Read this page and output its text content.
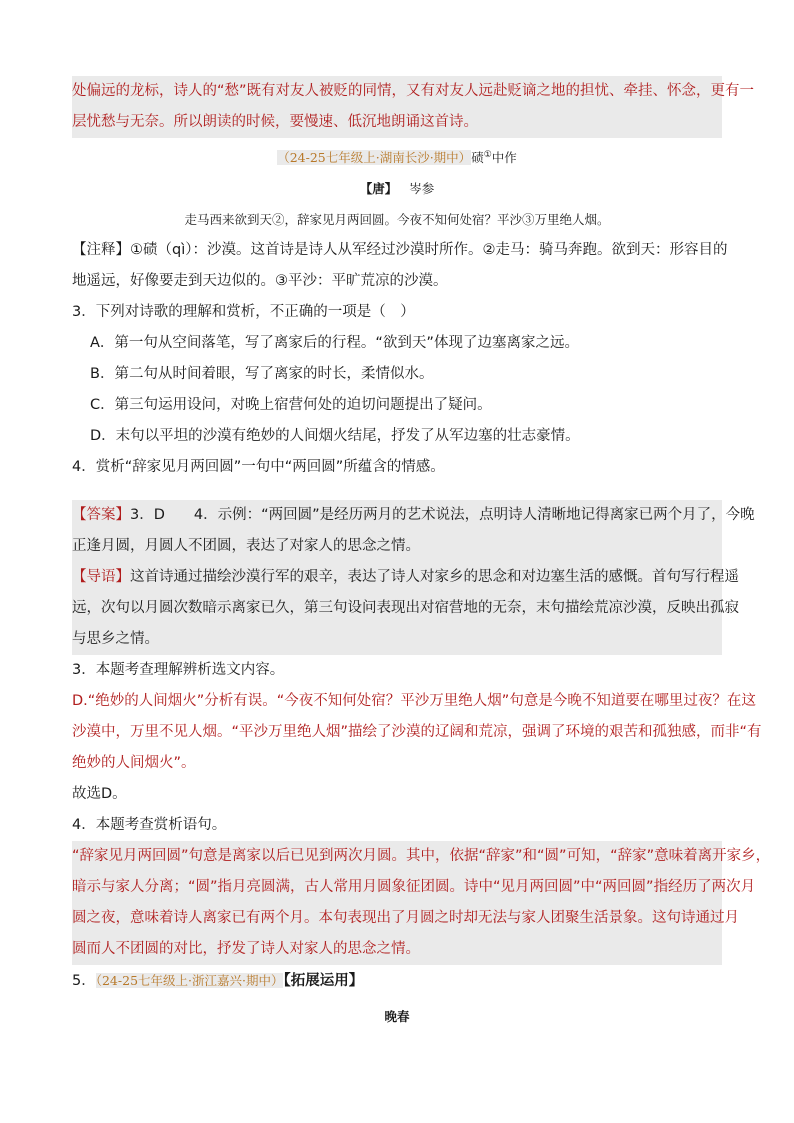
处偏远的龙标，诗人的“愁”既有对友人被贬的同情，又有对友人远赴贬谪之地的担忧、牵挂、怀念，更有一
层忧愁与无奈。所以朗读的时候，要慢速、低沉地朗诵这首诗。
（24-25七年级上·湖南长沙·期中）碛①中作
【唐】 岑参
走马西来欲到天②，辞家见月两回圆。今夜不知何处宿？平沙③万里绝人烟。
【注释】①碛（qì）：沙漠。这首诗是诗人从军经过沙漠时所作。②走马：骑马奔跑。欲到天：形容目的
地遥远，好像要走到天边似的。③平沙：平旷荒凉的沙漠。
3．下列对诗歌的理解和赏析，不正确的一项是（　）
A．第一句从空间落笔，写了离家后的行程。“欲到天”体现了边塞离家之远。
B．第二句从时间着眼，写了离家的时长，柔情似水。
C．第三句运用设问，对晚上宿营何处的迫切问题提出了疑问。
D．末句以平坦的沙漠有绝妙的人间烟火结尾，抒发了从军边塞的壮志豪情。
4．赏析“辞家见月两回圆”一句中“两回圆”所蕴含的情感。
【答案】3．D　　4．示例：“两回圆”是经历两月的艺术说法，点明诗人清晰地记得离家已两个月了，今晚
正逢月圆，月圆人不团圆，表达了对家人的思念之情。
【导语】这首诗通过描绘沙漠行军的艰辛，表达了诗人对家乡的思念和对边塞生活的感慨。首句写行程遥
远，次句以月圆次数暗示离家已久，第三句设问表现出对宿营地的无奈，末句描绘荒凉沙漠，反映出孤寂
与思乡之情。
3．本题考查理解辨析选文内容。
D.“绝妙的人间烟火”分析有误。“今夜不知何处宿？平沙万里绝人烟”句意是今晚不知道要在哪里过夜？在这
沙漠中，万里不见人烟。“平沙万里绝人烟”描绘了沙漠的辽阔和荒凉，强调了环境的艰苦和孤独感，而非“有
绝妙的人间烟火”。
故选D。
4．本题考查赏析语句。
“辞家见月两回圆”句意是离家以后已见到两次月圆。其中，依据“辞家”和“圆”可知，“辞家”意味着离开家乡，
暗示与家人分离；“圆”指月亮圆满，古人常用月圆象征团圆。诗中“见月两回圆”中“两回圆”指经历了两次月
圆之夜，意味着诗人离家已有两个月。本句表现出了月圆之时却无法与家人团聚生活景象。这句诗通过月
圆而人不团圆的对比，抒发了诗人对家人的思念之情。
5．（24-25七年级上·浙江嘉兴·期中）【拓展运用】
晚春
